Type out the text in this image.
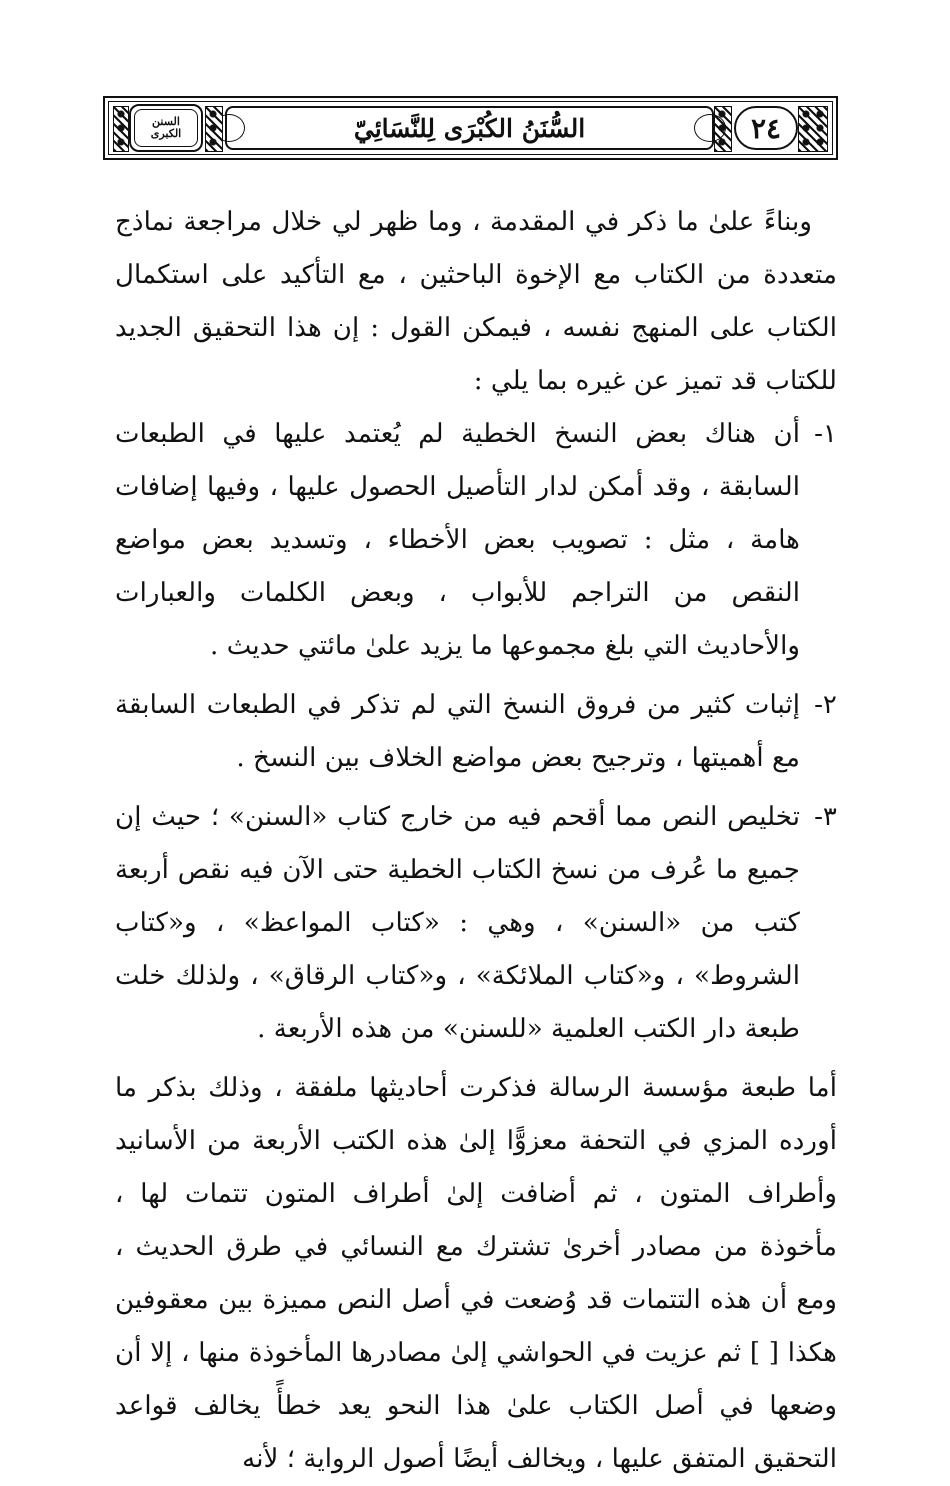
٢٤
السُّنَنُ الكُبْرَى لِلنَّسَائِيّ
السنن
الكبرى

وبناءً علىٰ ما ذكر في المقدمة ، وما ظهر لي خلال مراجعة نماذج متعددة من الكتاب مع الإخوة الباحثين ، مع التأكيد على استكمال الكتاب على المنهج نفسه ، فيمكن القول : إن هذا التحقيق الجديد للكتاب قد تميز عن غيره بما يلي :

١-
أن هناك بعض النسخ الخطية لم يُعتمد عليها في الطبعات السابقة ، وقد أمكن لدار التأصيل الحصول عليها ، وفيها إضافات هامة ، مثل : تصويب بعض الأخطاء ، وتسديد بعض مواضع النقص من التراجم للأبواب ، وبعض الكلمات والعبارات والأحاديث التي بلغ مجموعها ما يزيد علىٰ مائتي حديث .
٢-
إثبات كثير من فروق النسخ التي لم تذكر في الطبعات السابقة مع أهميتها ، وترجيح بعض مواضع الخلاف بين النسخ .
٣-
تخليص النص مما أقحم فيه من خارج كتاب «السنن» ؛ حيث إن جميع ما عُرف من نسخ الكتاب الخطية حتى الآن فيه نقص أربعة كتب من «السنن» ، وهي : «كتاب المواعظ» ، و«كتاب الشروط» ، و«كتاب الملائكة» ، و«كتاب الرقاق» ، ولذلك خلت طبعة دار الكتب العلمية «للسنن» من هذه الأربعة .

أما طبعة مؤسسة الرسالة فذكرت أحاديثها ملفقة ، وذلك بذكر ما أورده المزي في التحفة معزوًّا إلىٰ هذه الكتب الأربعة من الأسانيد وأطراف المتون ، ثم أضافت إلىٰ أطراف المتون تتمات لها ، مأخوذة من مصادر أخرىٰ تشترك مع النسائي في طرق الحديث ، ومع أن هذه التتمات قد وُضعت في أصل النص مميزة بين معقوفين هكذا [ ] ثم عزيت في الحواشي إلىٰ مصادرها المأخوذة منها ، إلا أن وضعها في أصل الكتاب علىٰ هذا النحو يعد خطأً يخالف قواعد التحقيق المتفق عليها ، ويخالف أيضًا أصول الرواية ؛ لأنه
